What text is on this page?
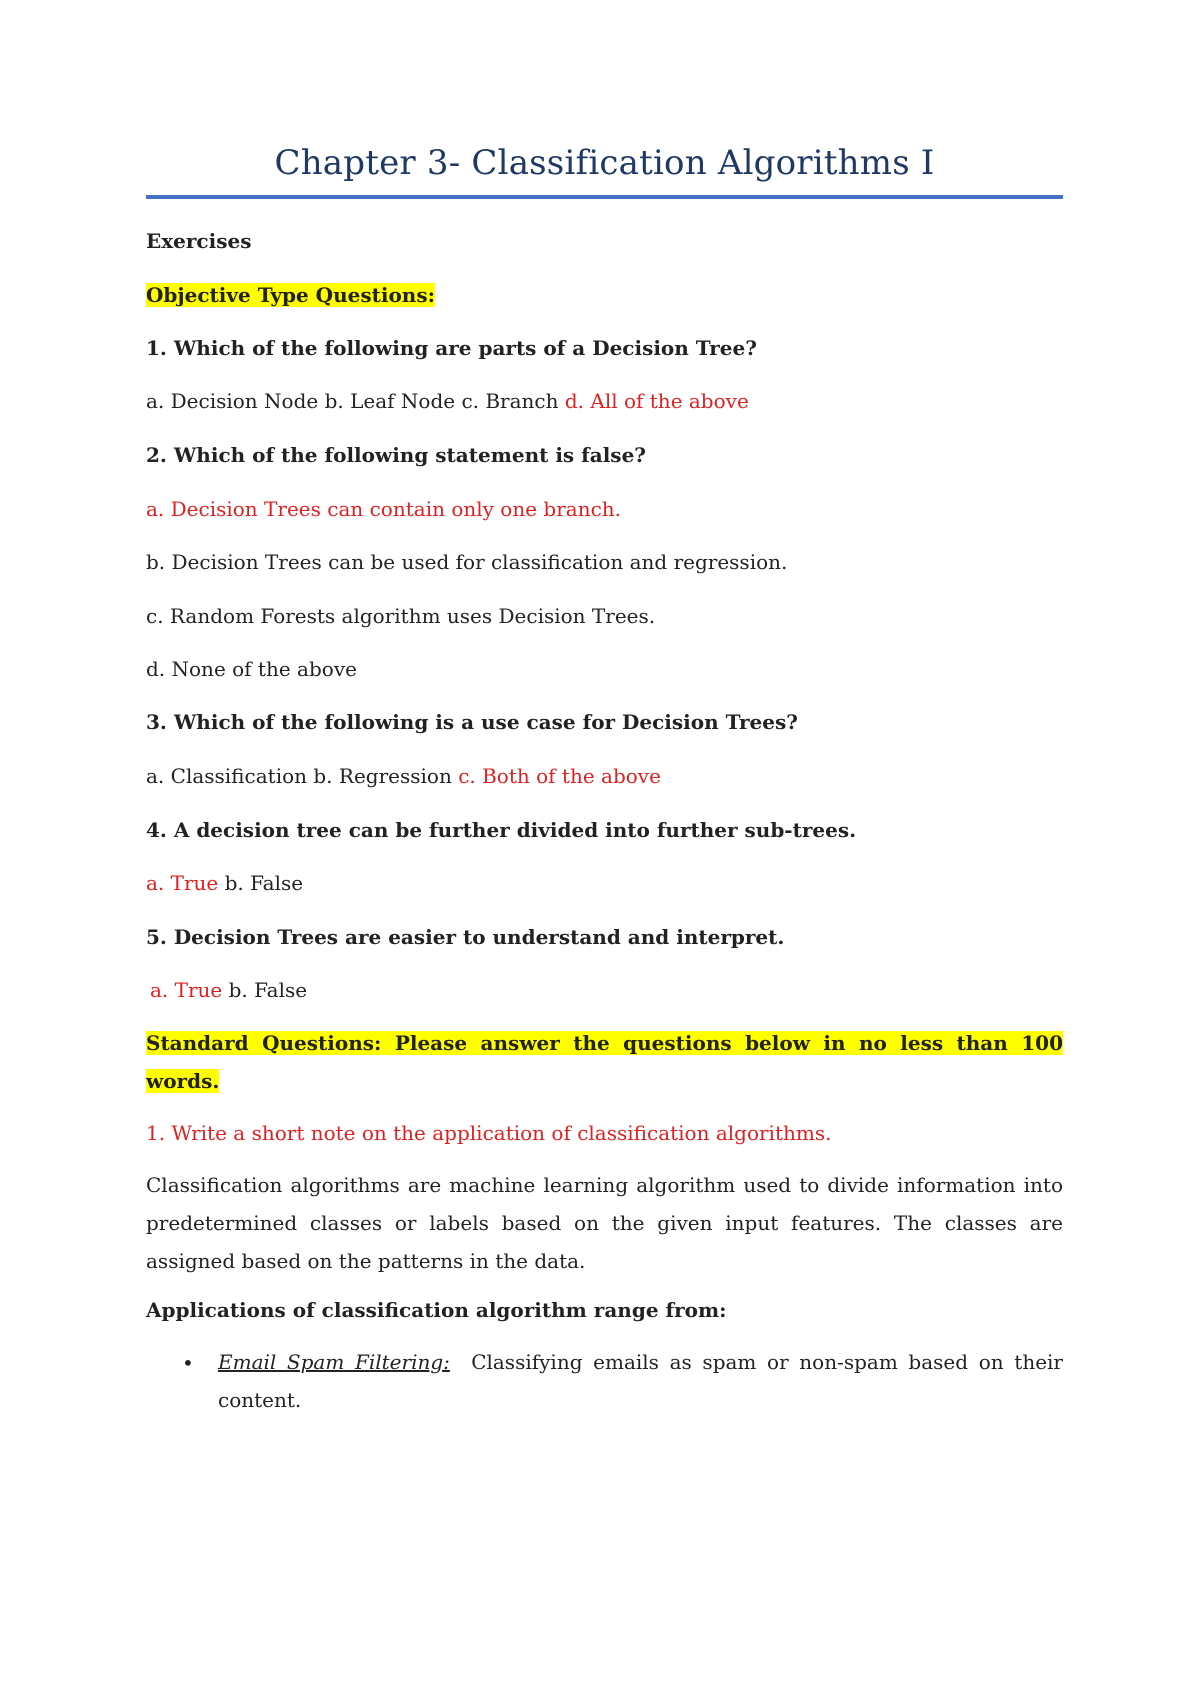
Chapter 3- Classification Algorithms I
Exercises
Objective Type Questions:
1. Which of the following are parts of a Decision Tree?
a. Decision Node b. Leaf Node c. Branch d. All of the above
2. Which of the following statement is false?
a. Decision Trees can contain only one branch.
b. Decision Trees can be used for classification and regression.
c. Random Forests algorithm uses Decision Trees.
d. None of the above
3. Which of the following is a use case for Decision Trees?
a. Classification b. Regression c. Both of the above
4. A decision tree can be further divided into further sub-trees.
a. True b. False
5. Decision Trees are easier to understand and interpret.
a. True b. False
Standard Questions: Please answer the questions below in no less than 100 words.
1. Write a short note on the application of classification algorithms.
Classification algorithms are machine learning algorithm used to divide information into predetermined classes or labels based on the given input features. The classes are assigned based on the patterns in the data.
Applications of classification algorithm range from:
• Email Spam Filtering: Classifying emails as spam or non-spam based on their content.
